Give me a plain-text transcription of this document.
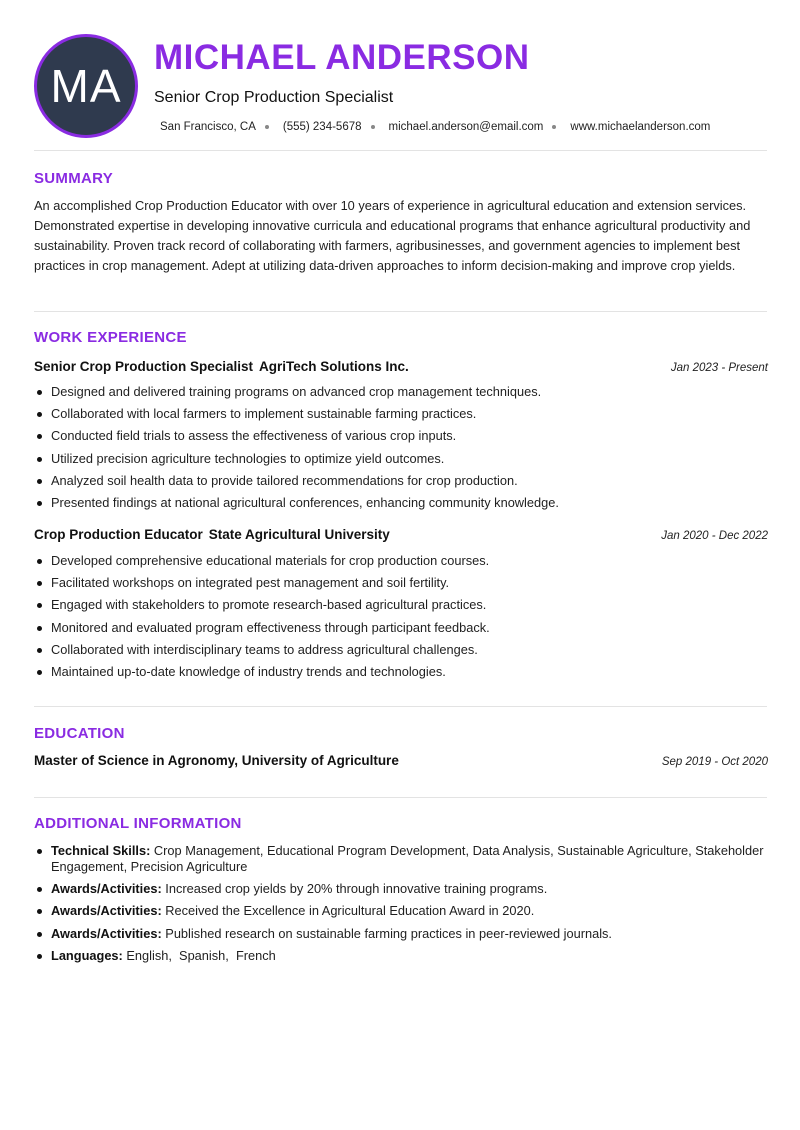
MA
MICHAEL ANDERSON
Senior Crop Production Specialist
San Francisco, CA (555) 234-5678 michael.anderson@email.com www.michaelanderson.com
SUMMARY
An accomplished Crop Production Educator with over 10 years of experience in agricultural education and extension services. Demonstrated expertise in developing innovative curricula and educational programs that enhance agricultural productivity and sustainability. Proven track record of collaborating with farmers, agribusinesses, and government agencies to implement best practices in crop management. Adept at utilizing data-driven approaches to inform decision-making and improve crop yields.
WORK EXPERIENCE
Senior Crop Production Specialist AgriTech Solutions Inc.	Jan 2023 - Present
Designed and delivered training programs on advanced crop management techniques.
Collaborated with local farmers to implement sustainable farming practices.
Conducted field trials to assess the effectiveness of various crop inputs.
Utilized precision agriculture technologies to optimize yield outcomes.
Analyzed soil health data to provide tailored recommendations for crop production.
Presented findings at national agricultural conferences, enhancing community knowledge.
Crop Production Educator State Agricultural University	Jan 2020 - Dec 2022
Developed comprehensive educational materials for crop production courses.
Facilitated workshops on integrated pest management and soil fertility.
Engaged with stakeholders to promote research-based agricultural practices.
Monitored and evaluated program effectiveness through participant feedback.
Collaborated with interdisciplinary teams to address agricultural challenges.
Maintained up-to-date knowledge of industry trends and technologies.
EDUCATION
Master of Science in Agronomy, University of Agriculture	Sep 2019 - Oct 2020
ADDITIONAL INFORMATION
Technical Skills: Crop Management, Educational Program Development, Data Analysis, Sustainable Agriculture, Stakeholder Engagement, Precision Agriculture
Awards/Activities: Increased crop yields by 20% through innovative training programs.
Awards/Activities: Received the Excellence in Agricultural Education Award in 2020.
Awards/Activities: Published research on sustainable farming practices in peer-reviewed journals.
Languages: English,  Spanish,  French
